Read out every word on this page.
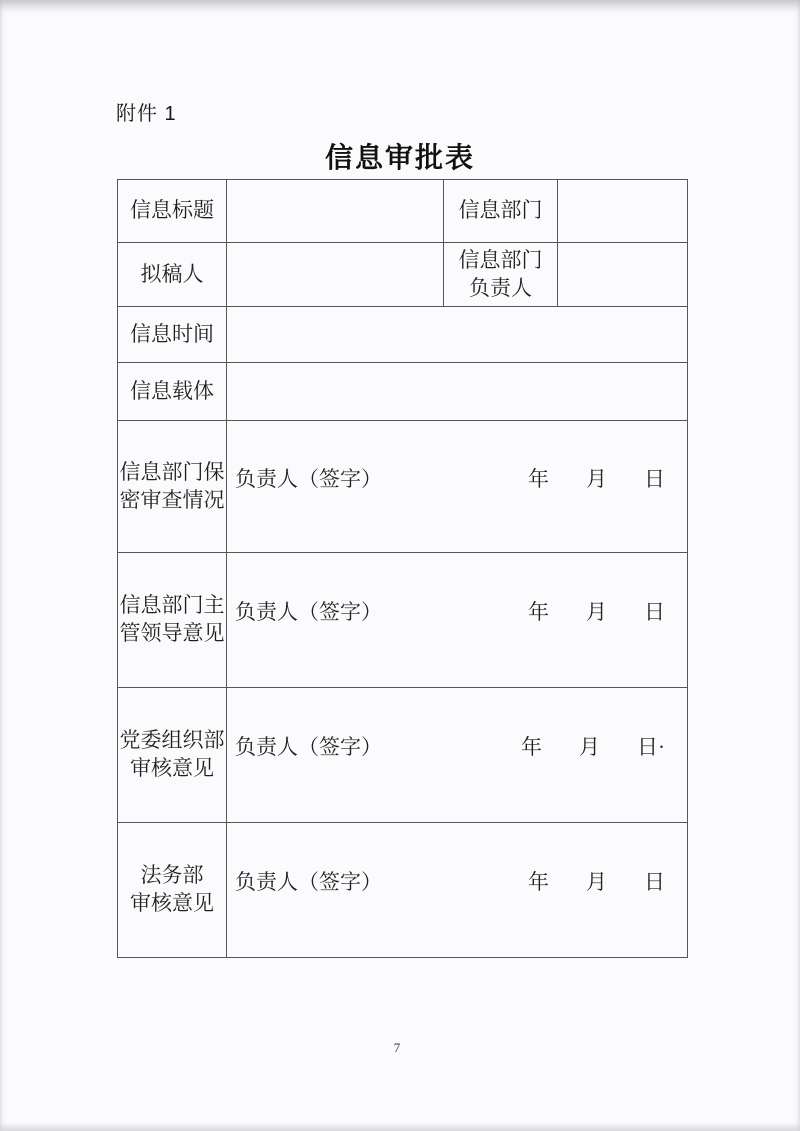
附件 1
信息审批表
信息标题		信息部门	
拟稿人		信息部门
负责人	

信息时间			
信息载体			

信息部门保
密审查情况	负责人（签字） 年 月 日		

信息部门主
管领导意见	负责人（签字） 年 月 日		

党委组织部
审核意见	负责人（签字） 年 月 日·		

法务部
审核意见	负责人（签字） 年 月 日		
7
